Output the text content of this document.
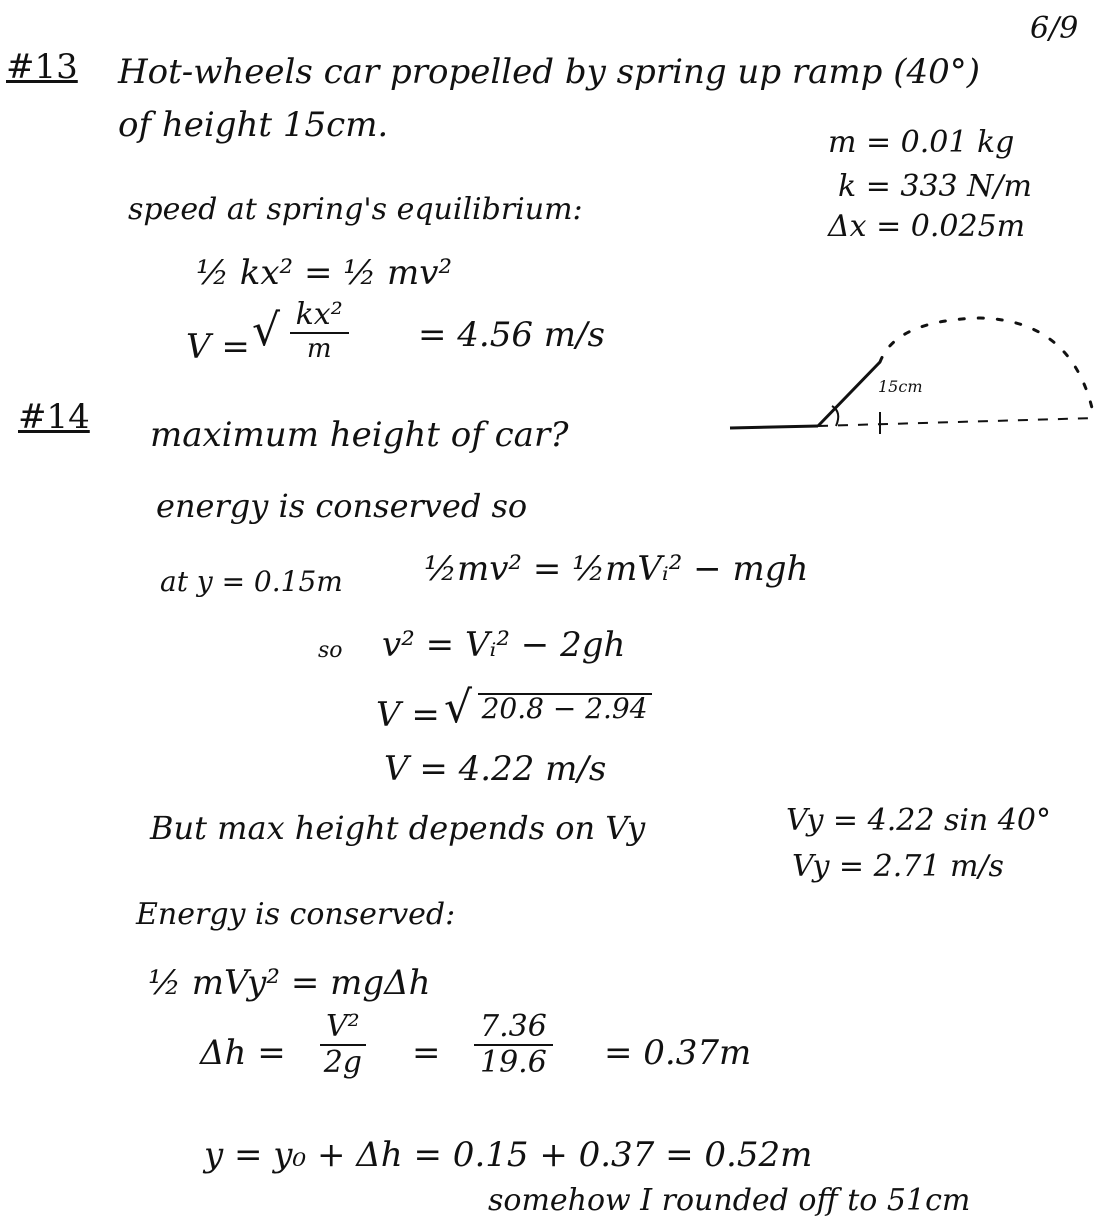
6/9
#13 Hot-wheels car propelled by spring up ramp (40°)
of height 15cm.	m = 0.01 kg
k = 333 N/m
Δx = 0.025m
speed at spring's equilibrium:
½ kx² = ½ mv²
V = √ $\frac{\text{kx²}}{m} = 4.56$ m/s
15cm
#14 maximum height of car?
energy is conserved so
at y = 0.15m ½mv² = ½mVᵢ² − mgh
so v² = Vᵢ² − 2gh
V = √ 20.8 − 2.94
V = 4.22 m/s
But max height depends on Vy	Vy = 4.22 sin 40°
Vy = 2.71 m/s
Energy is conserved:
½ mVy² = mgΔh
$\Delta h = \frac{\text{V²}}{2g} = \frac{7.36}{19.6} = 0.37m$
y = y₀ + Δh = 0.15 + 0.37 = 0.52m
somehow I rounded off to 51cm
